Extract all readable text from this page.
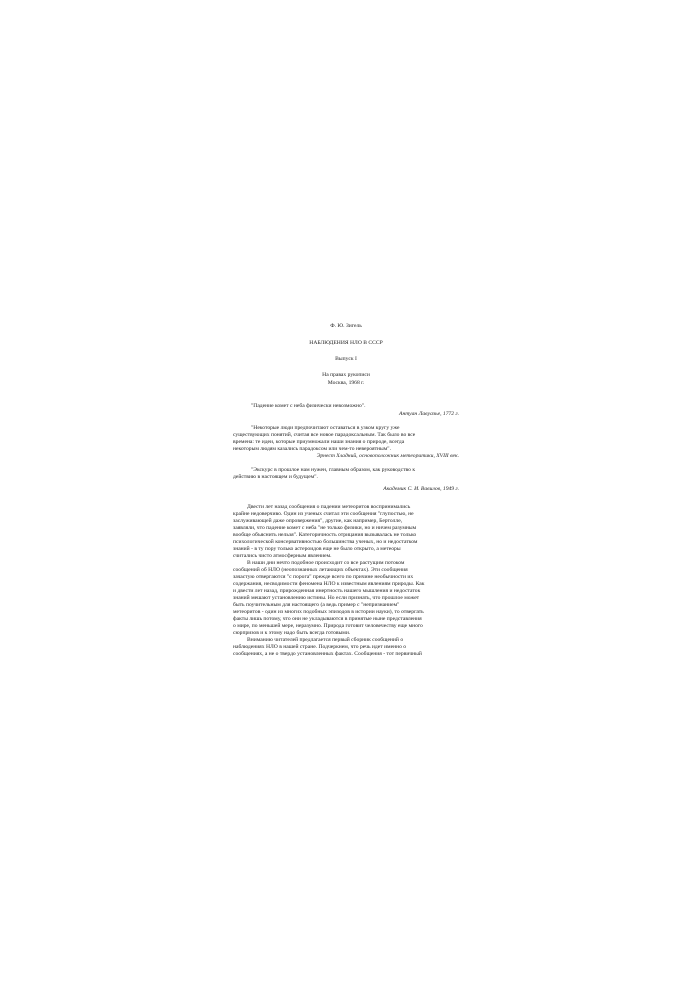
Ф. Ю. Зигель
НАБЛЮДЕНИЯ НЛО В СССР
Выпуск I
На правах рукописи
Москва, 1968 г.
"Падение комет с неба физически невозможно".
Антуан Лавуазье, 1772 г.
"Некоторые люди предпочитают оставаться в узком кругу уже
существующих понятий, считая все новое парадоксальным. Так было во все
времена: те идеи, которые приумножали наши знания о природе, всегда
некоторым людям казались парадоксом или чем-то невероятным".
Эрнест Хладний, основоположник метеоритики, XVIII век.
"Экскурс в прошлое нам нужен, главным образом, как руководство к
действию в настоящем и будущем".
Академик С. И. Вавилов, 1949 г.
Двести лет назад сообщения о падении метеоритов воспринимались
крайне недоверчиво. Один из ученых считал эти сообщения "глупостью, не
заслуживающей даже опровержения", другие, как например, Бертолле,
заявляли, что падение комет с неба "не только физики, но и ничем разумным
вообще объяснить нельзя". Категоричность отрицания вызывалась не только
психологической консервативностью большинства ученых, но и недостатком
знаний - в ту пору только астероидов еще не было открыто, а метеоры
считались чисто атмосферным явлением.
В наши дни нечто подобное происходит со все растущим потоком
сообщений об НЛО (неопознанных летающих объектах). Эти сообщения
зачастую отвергаются "с порога" прежде всего по причине необычности их
содержания, несводимости феномена НЛО к известным явлениям природы. Как
и двести лет назад, прирожденная инертность нашего мышления и недостаток
знаний мешают установлению истины. Но если признать, что прошлое может
быть поучительным для настоящего (а ведь пример с "непризнанием"
метеоритов - один из многих подобных эпизодов в истории науки), то отвергать
факты лишь потому, что они не укладываются в принятые ныне представления
о мире, по меньшей мере, неразумно. Природа готовит человечеству еще много
сюрпризов и к этому надо быть всегда готовыми.
Вниманию читателей предлагается первый сборник сообщений о
наблюдениях НЛО в нашей стране. Подчеркнем, что речь идет именно о
сообщениях, а не о твердо установленных фактах. Сообщения - тот первичный
